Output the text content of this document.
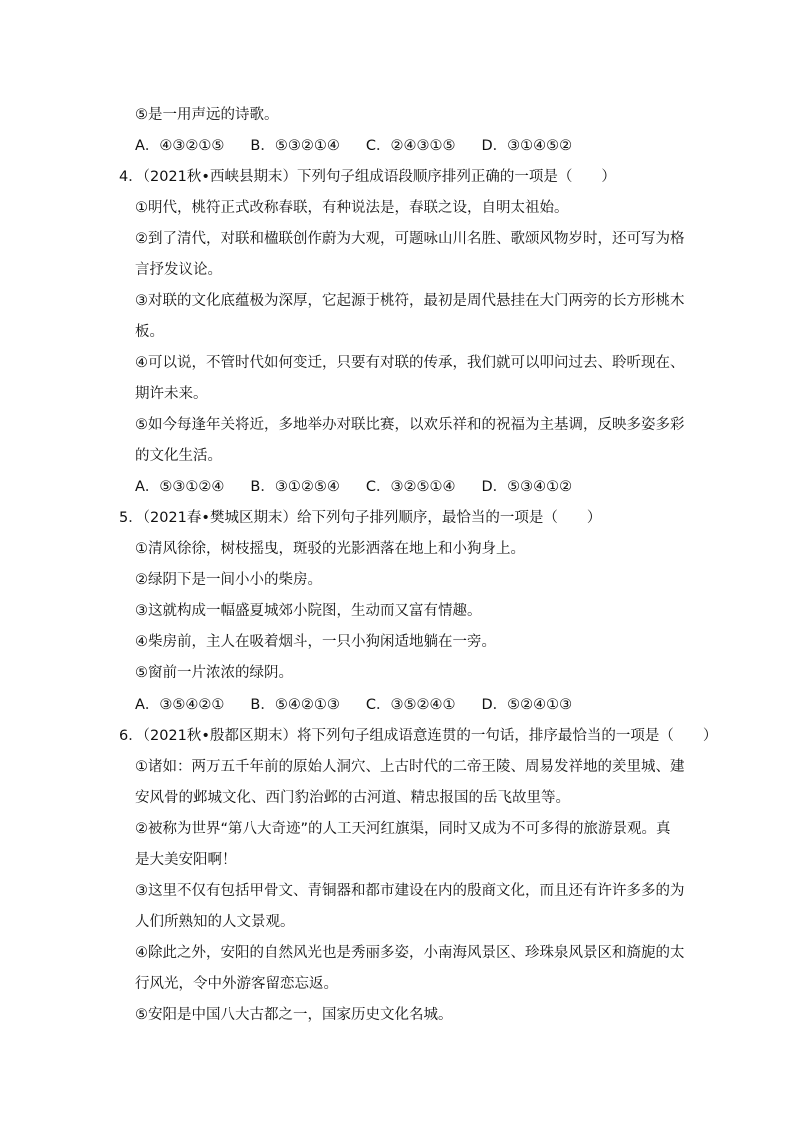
⑤是一用声远的诗歌。
A．④③②①⑤ B．⑤③②①④ C．②④③①⑤ D．③①④⑤②
4．（2021秋•西峡县期末）下列句子组成语段顺序排列正确的一项是（　　）
①明代，桃符正式改称春联，有种说法是，春联之设，自明太祖始。
②到了清代，对联和楹联创作蔚为大观，可题咏山川名胜、歌颂风物岁时，还可写为格
言抒发议论。
③对联的文化底蕴极为深厚，它起源于桃符，最初是周代悬挂在大门两旁的长方形桃木
板。
④可以说，不管时代如何变迁，只要有对联的传承，我们就可以叩问过去、聆听现在、
期许未来。
⑤如今每逢年关将近，多地举办对联比赛，以欢乐祥和的祝福为主基调，反映多姿多彩
的文化生活。
A．⑤③①②④ B．③①②⑤④ C．③②⑤①④ D．⑤③④①②
5．（2021春•樊城区期末）给下列句子排列顺序，最恰当的一项是（　　）
①清风徐徐，树枝摇曳，斑驳的光影洒落在地上和小狗身上。
②绿阴下是一间小小的柴房。
③这就构成一幅盛夏城郊小院图，生动而又富有情趣。
④柴房前，主人在吸着烟斗，一只小狗闲适地躺在一旁。
⑤窗前一片浓浓的绿阴。
A．③⑤④②① B．⑤④②①③ C．③⑤②④① D．⑤②④①③
6．（2021秋•殷都区期末）将下列句子组成语意连贯的一句话，排序最恰当的一项是（　　）
①诸如：两万五千年前的原始人洞穴、上古时代的二帝王陵、周易发祥地的羑里城、建
安风骨的邺城文化、西门豹治邺的古河道、精忠报国的岳飞故里等。
②被称为世界“第八大奇迹”的人工天河红旗渠，同时又成为不可多得的旅游景观。真
是大美安阳啊！
③这里不仅有包括甲骨文、青铜器和都市建设在内的殷商文化，而且还有许许多多的为
人们所熟知的人文景观。
④除此之外，安阳的自然风光也是秀丽多姿，小南海风景区、珍珠泉风景区和旖旎的太
行风光，令中外游客留恋忘返。
⑤安阳是中国八大古都之一，国家历史文化名城。
